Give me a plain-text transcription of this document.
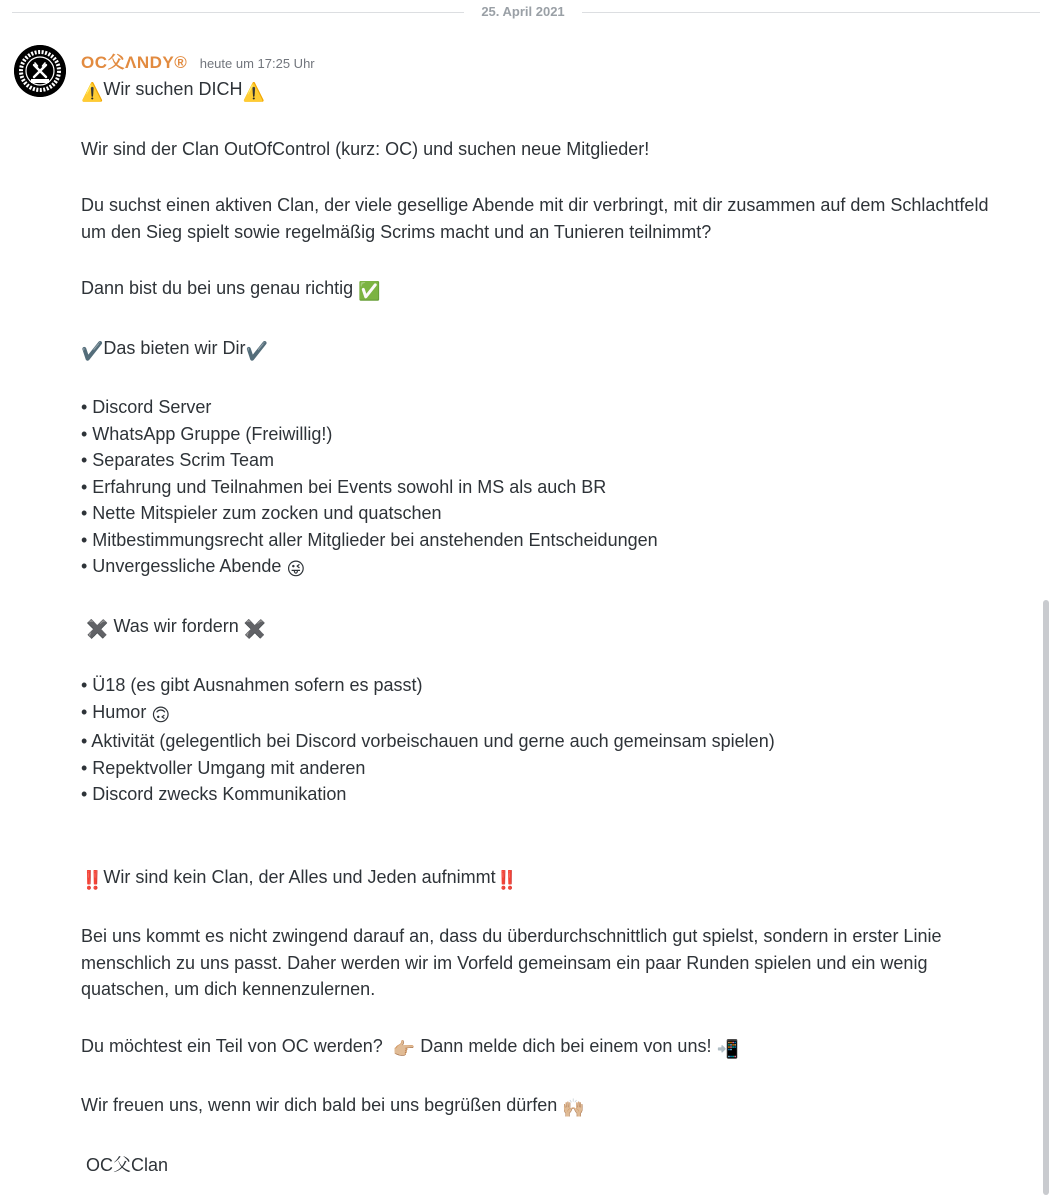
25. April 2021
OC父ΛNDY® heute um 17:25 Uhr

⚠️Wir suchen DICH⚠️

Wir sind der Clan OutOfControl (kurz: OC) und suchen neue Mitglieder!

Du suchst einen aktiven Clan, der viele gesellige Abende mit dir verbringt, mit dir zusammen auf dem Schlachtfeld

um den Sieg spielt sowie regelmäßig Scrims macht und an Tunieren teilnimmt?

Dann bist du bei uns genau richtig ✅

✔️Das bieten wir Dir✔️

• Discord Server

• WhatsApp Gruppe (Freiwillig!)

• Separates Scrim Team

• Erfahrung und Teilnahmen bei Events sowohl in MS als auch BR

• Nette Mitspieler zum zocken und quatschen

• Mitbestimmungsrecht aller Mitglieder bei anstehenden Entscheidungen

• Unvergessliche Abende 😜

✖️ Was wir fordern ✖️

• Ü18 (es gibt Ausnahmen sofern es passt)

• Humor 🙃

• Aktivität (gelegentlich bei Discord vorbeischauen und gerne auch gemeinsam spielen)

• Repektvoller Umgang mit anderen

• Discord zwecks Kommunikation

‼️Wir sind kein Clan, der Alles und Jeden aufnimmt‼️

Bei uns kommt es nicht zwingend darauf an, dass du überdurchschnittlich gut spielst, sondern in erster Linie

menschlich zu uns passt. Daher werden wir im Vorfeld gemeinsam ein paar Runden spielen und ein wenig

quatschen, um dich kennenzulernen.

Du möchtest ein Teil von OC werden? 👉🏼 Dann melde dich bei einem von uns! 📲

Wir freuen uns, wenn wir dich bald bei uns begrüßen dürfen 🙌🏼

OC父Clan
